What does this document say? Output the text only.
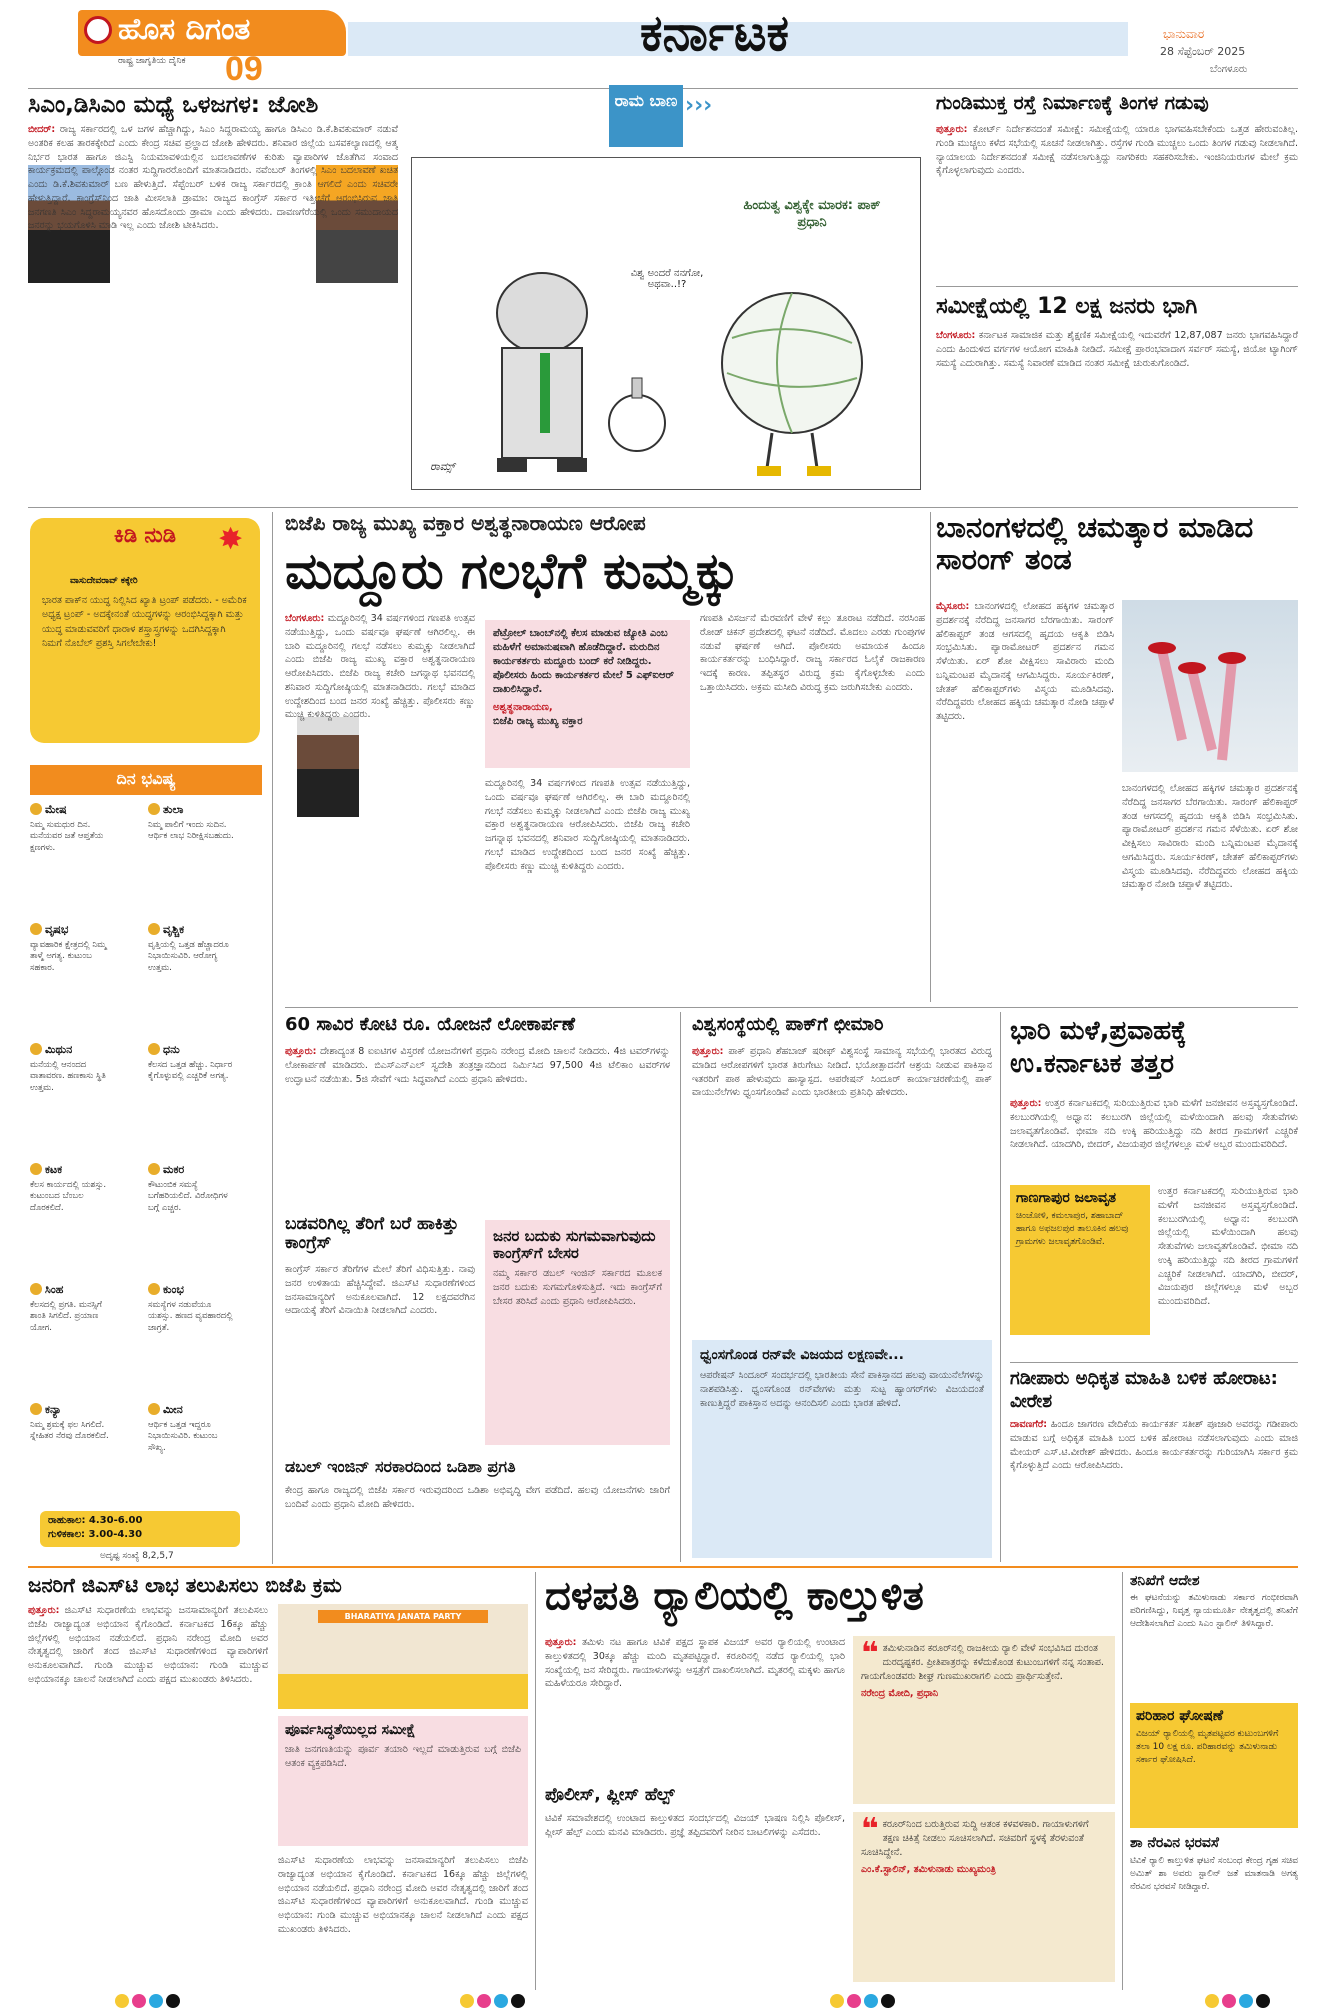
ಹೊಸ ದಿಗಂತ
ರಾಷ್ಟ್ರ ಜಾಗೃತಿಯ ದೈನಿಕ 09
ಕರ್ನಾಟಕ	ಭಾನುವಾರ
28 ಸೆಪ್ಟೆಂಬರ್ 2025
ಬೆಂಗಳೂರು
ಸಿಎಂ,ಡಿಸಿಎಂ ಮಧ್ಯೆ ಒಳಜಗಳ: ಜೋಶಿ
ಬೀದರ್: ರಾಜ್ಯ ಸರ್ಕಾರದಲ್ಲಿ ಒಳ ಜಗಳ ಹೆಚ್ಚಾಗಿದ್ದು, ಸಿಎಂ ಸಿದ್ದರಾಮಯ್ಯ ಹಾಗೂ ಡಿಸಿಎಂ ಡಿ.ಕೆ.ಶಿವಕುಮಾರ್ ನಡುವೆ ಅಂತರಿಕ ಕಲಹ ತಾರಕಕ್ಕೇರಿದೆ ಎಂದು ಕೇಂದ್ರ ಸಚಿವ ಪ್ರಲ್ಹಾದ ಜೋಶಿ ಹೇಳಿದರು. ಶನಿವಾರ ಜಿಲ್ಲೆಯ ಬಸವಕಲ್ಯಾಣದಲ್ಲಿ ಆತ್ಮ ನಿರ್ಭರ ಭಾರತ ಹಾಗೂ ಜಿಎಸ್ಟಿ ನಿಯಮಾವಳಿಯಲ್ಲಿನ ಬದಲಾವಣೆಗಳ ಕುರಿತು ವ್ಯಾಪಾರಿಗಳ ಜೊತೆಗಿನ ಸಂವಾದ ಕಾರ್ಯಕ್ರಮದಲ್ಲಿ ಪಾಲ್ಗೊಂಡ ನಂತರ ಸುದ್ದಿಗಾರರೊಂದಿಗೆ ಮಾತನಾಡಿದರು. ನವೆಂಬರ್ ತಿಂಗಳಲ್ಲಿ ಸಿಎಂ ಬದಲಾವಣೆ ಖಚಿತ ಎಂದು ಡಿ.ಕೆ.ಶಿವಕುಮಾರ್ ಬಣ ಹೇಳುತ್ತಿದೆ. ಸೆಪ್ಟೆಂಬರ್ ಬಳಿಕ ರಾಜ್ಯ ಸರ್ಕಾರದಲ್ಲಿ ಕ್ರಾಂತಿ ಆಗಲಿದೆ ಎಂದು ಸಚಿವರೇ ಹೇಳುತ್ತಿದ್ದಾರೆ. ಕಾಂಗ್ರೆಸ್‌ನಿಂದ ಜಾತಿ ಮೀಸಲಾತಿ ಡ್ರಾಮಾ: ರಾಜ್ಯದ ಕಾಂಗ್ರೆಸ್ ಸರ್ಕಾರ ಇತ್ತೀಚೆಗೆ ಆರಂಭಿಸಿರುವ ಜಾತಿ ಜನಗಣತಿ ಸಿಎಂ ಸಿದ್ದರಾಮಯ್ಯನವರ ಹೊಸದೊಂದು ಡ್ರಾಮಾ ಎಂದು ಹೇಳಿದರು. ದಾವಣಗೆರೆಯಲ್ಲಿ ಒಂದು ಸಮುದಾಯದ ಜನರನ್ನು ಭಯಗೊಳಿಸಿ ಮಾಡಿ ಇಲ್ಲ ಎಂದು ಜೋಶಿ ಟೀಕಿಸಿದರು.
ರಾಮ ಬಾಣ ›››
ಹಿಂದುತ್ವ ವಿಶ್ವಕ್ಕೇ ಮಾರಕ: ಪಾಕ್ ಪ್ರಧಾನಿ
ವಿಶ್ವ ಅಂದರೆ ನನಗೋ, ಅಥವಾ..!?
ರಾಮ್ಸ್
ಗುಂಡಿಮುಕ್ತ ರಸ್ತೆ ನಿರ್ಮಾಣಕ್ಕೆ ತಿಂಗಳ ಗಡುವು
ಪುತ್ತೂರು: ಕೋರ್ಟ್ ನಿರ್ದೇಶನದಂತೆ ಸಮೀಕ್ಷೆ: ಸಮೀಕ್ಷೆಯಲ್ಲಿ ಯಾರೂ ಭಾಗವಹಿಸಬೇಕೆಂದು ಒತ್ತಡ ಹೇರುವಂತಿಲ್ಲ. ಗುಂಡಿ ಮುಚ್ಚಲು ಕಳೆದ ಸಭೆಯಲ್ಲಿ ಸೂಚನೆ ನೀಡಲಾಗಿತ್ತು. ರಸ್ತೆಗಳ ಗುಂಡಿ ಮುಚ್ಚಲು ಒಂದು ತಿಂಗಳ ಗಡುವು ನೀಡಲಾಗಿದೆ. ನ್ಯಾಯಾಲಯ ನಿರ್ದೇಶನದಂತೆ ಸಮೀಕ್ಷೆ ನಡೆಸಲಾಗುತ್ತಿದ್ದು ನಾಗರಿಕರು ಸಹಕರಿಸಬೇಕು. ಇಂಜಿನಿಯರುಗಳ ಮೇಲೆ ಕ್ರಮ ಕೈಗೊಳ್ಳಲಾಗುವುದು ಎಂದರು.
ಸಮೀಕ್ಷೆಯಲ್ಲಿ 12 ಲಕ್ಷ ಜನರು ಭಾಗಿ
ಬೆಂಗಳೂರು: ಕರ್ನಾಟಕ ಸಾಮಾಜಿಕ ಮತ್ತು ಶೈಕ್ಷಣಿಕ ಸಮೀಕ್ಷೆಯಲ್ಲಿ ಇದುವರೆಗೆ 12,87,087 ಜನರು ಭಾಗವಹಿಸಿದ್ದಾರೆ ಎಂದು ಹಿಂದುಳಿದ ವರ್ಗಗಳ ಆಯೋಗ ಮಾಹಿತಿ ನೀಡಿದೆ. ಸಮೀಕ್ಷೆ ಪ್ರಾರಂಭವಾದಾಗ ಸರ್ವರ್ ಸಮಸ್ಯೆ, ಜಿಯೋ ಟ್ಯಾಗಿಂಗ್ ಸಮಸ್ಯೆ ಎದುರಾಗಿತ್ತು. ಸಮಸ್ಯೆ ನಿವಾರಣೆ ಮಾಡಿದ ನಂತರ ಸಮೀಕ್ಷೆ ಚುರುಕುಗೊಂಡಿದೆ.
ಕಿಡಿ ನುಡಿ ✸
ವಾಸುದೇವರಾವ್ ಕಕ್ಕೇರಿ
ಭಾರತ ಪಾಕ್‌ನ ಯುದ್ಧ ನಿಲ್ಲಿಸಿದ ಖ್ಯಾತಿ ಟ್ರಂಪ್ ಪಡೆದರು. - ಅಮೆರಿಕ ಅಧ್ಯಕ್ಷ ಟ್ರಂಪ್ - ಅದಕ್ಕೇನಂತೆ ಯುದ್ಧಗಳನ್ನು ಆರಂಭಿಸಿದ್ದಕ್ಕಾಗಿ ಮತ್ತು ಯುದ್ಧ ಮಾಡುವವರಿಗೆ ಧಾರಾಳ ಶಸ್ತ್ರಾಸ್ತ್ರಗಳನ್ನು ಒದಗಿಸಿದ್ದಕ್ಕಾಗಿ ನಿಮಗೆ ನೊಬೆಲ್ ಪ್ರಶಸ್ತಿ ಸಿಗಲೇಬೇಕು!
ದಿನ ಭವಿಷ್ಯ
ಮೇಷ
ನಿಮ್ಮ ಸುಮಧುರ ದಿನ. ಮನೆಯವರ ಜತೆ ಆಪ್ತತೆಯ ಕ್ಷಣಗಳು.
ತುಲಾ
ನಿಮ್ಮ ಪಾಲಿಗೆ ಇಂದು ಸುದಿನ. ಆರ್ಥಿಕ ಲಾಭ ನಿರೀಕ್ಷಿಸಬಹುದು.
ವೃಷಭ
ವ್ಯಾವಹಾರಿಕ ಕ್ಷೇತ್ರದಲ್ಲಿ ನಿಮ್ಮ ತಾಳ್ಮೆ ಅಗತ್ಯ. ಕುಟುಂಬ ಸಹಕಾರ.
ವೃಶ್ಚಿಕ
ವೃತ್ತಿಯಲ್ಲಿ ಒತ್ತಡ ಹೆಚ್ಚಾದರೂ ನಿಭಾಯಿಸುವಿರಿ. ಆರೋಗ್ಯ ಉತ್ತಮ.
ಮಿಥುನ
ಮನೆಯಲ್ಲಿ ಆನಂದದ ವಾತಾವರಣ. ಹಣಕಾಸು ಸ್ಥಿತಿ ಉತ್ತಮ.
ಧನು
ಕೆಲಸದ ಒತ್ತಡ ಹೆಚ್ಚು. ನಿರ್ಧಾರ ಕೈಗೊಳ್ಳುವಲ್ಲಿ ಎಚ್ಚರಿಕೆ ಅಗತ್ಯ.
ಕಟಕ
ಕೆಲಸ ಕಾರ್ಯದಲ್ಲಿ ಯಶಸ್ಸು. ಕುಟುಂಬದ ಬೆಂಬಲ ದೊರಕಲಿದೆ.
ಮಕರ
ಕೌಟುಂಬಿಕ ಸಮಸ್ಯೆ ಬಗೆಹರಿಯಲಿದೆ. ವಿರೋಧಿಗಳ ಬಗ್ಗೆ ಎಚ್ಚರ.
ಸಿಂಹ
ಕೆಲಸದಲ್ಲಿ ಪ್ರಗತಿ. ಮನಸ್ಸಿಗೆ ಶಾಂತಿ ಸಿಗಲಿದೆ. ಪ್ರಯಾಣ ಯೋಗ.
ಕುಂಭ
ಸಮಸ್ಯೆಗಳ ನಡುವೆಯೂ ಯಶಸ್ಸು. ಹಣದ ವ್ಯವಹಾರದಲ್ಲಿ ಜಾಗ್ರತೆ.
ಕನ್ಯಾ
ನಿಮ್ಮ ಶ್ರಮಕ್ಕೆ ಫಲ ಸಿಗಲಿದೆ. ಸ್ನೇಹಿತರ ನೆರವು ದೊರಕಲಿದೆ.
ಮೀನ
ಆರ್ಥಿಕ ಒತ್ತಡ ಇದ್ದರೂ ನಿಭಾಯಿಸುವಿರಿ. ಕುಟುಂಬ ಸೌಖ್ಯ.
ರಾಹುಕಾಲ: 4.30-6.00
ಗುಳಿಕಕಾಲ: 3.00-4.30
ಅದೃಷ್ಟ ಸಂಖ್ಯೆ 8,2,5,7
ಬಿಜೆಪಿ ರಾಜ್ಯ ಮುಖ್ಯ ವಕ್ತಾರ ಅಶ್ವತ್ಥನಾರಾಯಣ ಆರೋಪ
ಮದ್ದೂರು ಗಲಭೆಗೆ ಕುಮ್ಮಕ್ಕು
ಬೆಂಗಳೂರು: ಮದ್ದೂರಿನಲ್ಲಿ 34 ವರ್ಷಗಳಿಂದ ಗಣಪತಿ ಉತ್ಸವ ನಡೆಯುತ್ತಿದ್ದು, ಒಂದು ವರ್ಷವೂ ಘರ್ಷಣೆ ಆಗಿರಲಿಲ್ಲ. ಈ ಬಾರಿ ಮದ್ದೂರಿನಲ್ಲಿ ಗಲಭೆ ನಡೆಸಲು ಕುಮ್ಮಕ್ಕು ನೀಡಲಾಗಿದೆ ಎಂದು ಬಿಜೆಪಿ ರಾಜ್ಯ ಮುಖ್ಯ ವಕ್ತಾರ ಅಶ್ವತ್ಥನಾರಾಯಣ ಆರೋಪಿಸಿದರು. ಬಿಜೆಪಿ ರಾಜ್ಯ ಕಚೇರಿ ಜಗನ್ನಾಥ ಭವನದಲ್ಲಿ ಶನಿವಾರ ಸುದ್ದಿಗೋಷ್ಠಿಯಲ್ಲಿ ಮಾತನಾಡಿದರು. ಗಲಭೆ ಮಾಡಿದ ಉದ್ದೇಶದಿಂದ ಬಂದ ಜನರ ಸಂಖ್ಯೆ ಹೆಚ್ಚಿತ್ತು. ಪೊಲೀಸರು ಕಣ್ಣು ಮುಚ್ಚಿ ಕುಳಿತಿದ್ದರು ಎಂದರು.
ಪೆಟ್ರೋಲ್ ಬಾಂಬ್‌ನಲ್ಲಿ ಕೆಲಸ ಮಾಡುವ ಜ್ಯೋತಿ ಎಂಬ ಮಹಿಳೆಗೆ ಅಮಾನುಷವಾಗಿ ಹೊಡೆದಿದ್ದಾರೆ. ಮರುದಿನ ಕಾರ್ಯಕರ್ತರು ಮದ್ದೂರು ಬಂದ್ ಕರೆ ನೀಡಿದ್ದರು. ಪೊಲೀಸರು ಹಿಂದು ಕಾರ್ಯಕರ್ತರ ಮೇಲೆ 5 ಎಫ್‌ಐಆರ್ ದಾಖಲಿಸಿದ್ದಾರೆ.
ಅಶ್ವತ್ಥನಾರಾಯಣ,
ಬಿಜೆಪಿ ರಾಜ್ಯ ಮುಖ್ಯ ವಕ್ತಾರ
ಮದ್ದೂರಿನಲ್ಲಿ 34 ವರ್ಷಗಳಿಂದ ಗಣಪತಿ ಉತ್ಸವ ನಡೆಯುತ್ತಿದ್ದು, ಒಂದು ವರ್ಷವೂ ಘರ್ಷಣೆ ಆಗಿರಲಿಲ್ಲ. ಈ ಬಾರಿ ಮದ್ದೂರಿನಲ್ಲಿ ಗಲಭೆ ನಡೆಸಲು ಕುಮ್ಮಕ್ಕು ನೀಡಲಾಗಿದೆ ಎಂದು ಬಿಜೆಪಿ ರಾಜ್ಯ ಮುಖ್ಯ ವಕ್ತಾರ ಅಶ್ವತ್ಥನಾರಾಯಣ ಆರೋಪಿಸಿದರು. ಬಿಜೆಪಿ ರಾಜ್ಯ ಕಚೇರಿ ಜಗನ್ನಾಥ ಭವನದಲ್ಲಿ ಶನಿವಾರ ಸುದ್ದಿಗೋಷ್ಠಿಯಲ್ಲಿ ಮಾತನಾಡಿದರು. ಗಲಭೆ ಮಾಡಿದ ಉದ್ದೇಶದಿಂದ ಬಂದ ಜನರ ಸಂಖ್ಯೆ ಹೆಚ್ಚಿತ್ತು. ಪೊಲೀಸರು ಕಣ್ಣು ಮುಚ್ಚಿ ಕುಳಿತಿದ್ದರು ಎಂದರು.
ಗಣಪತಿ ವಿಸರ್ಜನೆ ಮೆರವಣಿಗೆ ವೇಳೆ ಕಲ್ಲು ತೂರಾಟ ನಡೆದಿದೆ. ನರಸಿಂಹ ರೋಡ್ ಚಿಕನ್ ಪ್ರದೇಶದಲ್ಲಿ ಘಟನೆ ನಡೆದಿದೆ. ಮೊದಲು ಎರಡು ಗುಂಪುಗಳ ನಡುವೆ ಘರ್ಷಣೆ ಆಗಿದೆ. ಪೊಲೀಸರು ಅಮಾಯಕ ಹಿಂದೂ ಕಾರ್ಯಕರ್ತರನ್ನು ಬಂಧಿಸಿದ್ದಾರೆ. ರಾಜ್ಯ ಸರ್ಕಾರದ ಓಲೈಕೆ ರಾಜಕಾರಣ ಇದಕ್ಕೆ ಕಾರಣ. ತಪ್ಪಿತಸ್ಥರ ವಿರುದ್ಧ ಕ್ರಮ ಕೈಗೊಳ್ಳಬೇಕು ಎಂದು ಒತ್ತಾಯಿಸಿದರು. ಅಕ್ರಮ ಮಸೀದಿ ವಿರುದ್ಧ ಕ್ರಮ ಜರುಗಿಸಬೇಕು ಎಂದರು.
ಬಾನಂಗಳದಲ್ಲಿ ಚಮತ್ಕಾರ ಮಾಡಿದ ಸಾರಂಗ್ ತಂಡ
ಮೈಸೂರು: ಬಾನಂಗಳದಲ್ಲಿ ಲೋಹದ ಹಕ್ಕಿಗಳ ಚಮತ್ಕಾರ ಪ್ರದರ್ಶನಕ್ಕೆ ನೆರೆದಿದ್ದ ಜನಸಾಗರ ಬೆರಗಾಯಿತು. ಸಾರಂಗ್ ಹೆಲಿಕಾಪ್ಟರ್ ತಂಡ ಆಗಸದಲ್ಲಿ ಹೃದಯ ಆಕೃತಿ ಬಿಡಿಸಿ ಸಂಭ್ರಮಿಸಿತು. ಪ್ಯಾರಾಮೋಟರ್ ಪ್ರದರ್ಶನ ಗಮನ ಸೆಳೆಯಿತು. ಏರ್ ಶೋ ವೀಕ್ಷಿಸಲು ಸಾವಿರಾರು ಮಂದಿ ಬನ್ನಿಮಂಟಪ ಮೈದಾನಕ್ಕೆ ಆಗಮಿಸಿದ್ದರು. ಸೂರ್ಯಕಿರಣ್, ಚೇತಕ್ ಹೆಲಿಕಾಪ್ಟರ್‌ಗಳು ವಿಸ್ಮಯ ಮೂಡಿಸಿದವು. ನೆರೆದಿದ್ದವರು ಲೋಹದ ಹಕ್ಕಿಯ ಚಮತ್ಕಾರ ನೋಡಿ ಚಪ್ಪಾಳೆ ತಟ್ಟಿದರು.
ಬಾನಂಗಳದಲ್ಲಿ ಲೋಹದ ಹಕ್ಕಿಗಳ ಚಮತ್ಕಾರ ಪ್ರದರ್ಶನಕ್ಕೆ ನೆರೆದಿದ್ದ ಜನಸಾಗರ ಬೆರಗಾಯಿತು. ಸಾರಂಗ್ ಹೆಲಿಕಾಪ್ಟರ್ ತಂಡ ಆಗಸದಲ್ಲಿ ಹೃದಯ ಆಕೃತಿ ಬಿಡಿಸಿ ಸಂಭ್ರಮಿಸಿತು. ಪ್ಯಾರಾಮೋಟರ್ ಪ್ರದರ್ಶನ ಗಮನ ಸೆಳೆಯಿತು. ಏರ್ ಶೋ ವೀಕ್ಷಿಸಲು ಸಾವಿರಾರು ಮಂದಿ ಬನ್ನಿಮಂಟಪ ಮೈದಾನಕ್ಕೆ ಆಗಮಿಸಿದ್ದರು. ಸೂರ್ಯಕಿರಣ್, ಚೇತಕ್ ಹೆಲಿಕಾಪ್ಟರ್‌ಗಳು ವಿಸ್ಮಯ ಮೂಡಿಸಿದವು. ನೆರೆದಿದ್ದವರು ಲೋಹದ ಹಕ್ಕಿಯ ಚಮತ್ಕಾರ ನೋಡಿ ಚಪ್ಪಾಳೆ ತಟ್ಟಿದರು.
60 ಸಾವಿರ ಕೋಟಿ ರೂ. ಯೋಜನೆ ಲೋಕಾರ್ಪಣೆ
ಪುತ್ತೂರು: ದೇಶಾದ್ಯಂತ 8 ಐಐಟಿಗಳ ವಿಸ್ತರಣೆ ಯೋಜನೆಗಳಿಗೆ ಪ್ರಧಾನಿ ನರೇಂದ್ರ ಮೋದಿ ಚಾಲನೆ ನೀಡಿದರು. 4ಜಿ ಟವರ್‌ಗಳನ್ನು ಲೋಕಾರ್ಪಣೆ ಮಾಡಿದರು. ಬಿಎಸ್‌ಎನ್‌ಎಲ್ ಸ್ವದೇಶಿ ತಂತ್ರಜ್ಞಾನದಿಂದ ನಿರ್ಮಿಸಿದ 97,500 4ಜಿ ಟೆಲಿಕಾಂ ಟವರ್‌ಗಳ ಉದ್ಘಾಟನೆ ನಡೆಯಿತು. 5ಜಿ ಸೇವೆಗೆ ಇದು ಸಿದ್ಧವಾಗಿದೆ ಎಂದು ಪ್ರಧಾನಿ ಹೇಳಿದರು.
ಬಡವರಿಗಿಲ್ಲ ತೆರಿಗೆ ಬರೆ ಹಾಕಿತ್ತು ಕಾಂಗ್ರೆಸ್
ಕಾಂಗ್ರೆಸ್ ಸರ್ಕಾರ ತೆರಿಗೆಗಳ ಮೇಲೆ ತೆರಿಗೆ ವಿಧಿಸುತ್ತಿತ್ತು. ನಾವು ಜನರ ಉಳಿತಾಯ ಹೆಚ್ಚಿಸಿದ್ದೇವೆ. ಜಿಎಸ್‌ಟಿ ಸುಧಾರಣೆಗಳಿಂದ ಜನಸಾಮಾನ್ಯರಿಗೆ ಅನುಕೂಲವಾಗಿದೆ. 12 ಲಕ್ಷದವರೆಗಿನ ಆದಾಯಕ್ಕೆ ತೆರಿಗೆ ವಿನಾಯಿತಿ ನೀಡಲಾಗಿದೆ ಎಂದರು.
ಜನರ ಬದುಕು ಸುಗಮವಾಗುವುದು ಕಾಂಗ್ರೆಸ್‌ಗೆ ಬೇಸರ
ನಮ್ಮ ಸರ್ಕಾರ ಡಬಲ್ ಇಂಜಿನ್ ಸರ್ಕಾರದ ಮೂಲಕ ಜನರ ಬದುಕು ಸುಗಮಗೊಳಿಸುತ್ತಿದೆ. ಇದು ಕಾಂಗ್ರೆಸ್‌ಗೆ ಬೇಸರ ತರಿಸಿದೆ ಎಂದು ಪ್ರಧಾನಿ ಆರೋಪಿಸಿದರು.
ಡಬಲ್ ಇಂಜಿನ್ ಸರಕಾರದಿಂದ ಒಡಿಶಾ ಪ್ರಗತಿ
ಕೇಂದ್ರ ಹಾಗೂ ರಾಜ್ಯದಲ್ಲಿ ಬಿಜೆಪಿ ಸರ್ಕಾರ ಇರುವುದರಿಂದ ಒಡಿಶಾ ಅಭಿವೃದ್ಧಿ ವೇಗ ಪಡೆದಿದೆ. ಹಲವು ಯೋಜನೆಗಳು ಜಾರಿಗೆ ಬಂದಿವೆ ಎಂದು ಪ್ರಧಾನಿ ಮೋದಿ ಹೇಳಿದರು.
ವಿಶ್ವಸಂಸ್ಥೆಯಲ್ಲಿ ಪಾಕ್‌ಗೆ ಛೀಮಾರಿ
ಪುತ್ತೂರು: ಪಾಕ್ ಪ್ರಧಾನಿ ಶೆಹಬಾಜ್ ಷರೀಫ್ ವಿಶ್ವಸಂಸ್ಥೆ ಸಾಮಾನ್ಯ ಸಭೆಯಲ್ಲಿ ಭಾರತದ ವಿರುದ್ಧ ಮಾಡಿದ ಆರೋಪಗಳಿಗೆ ಭಾರತ ತಿರುಗೇಟು ನೀಡಿದೆ. ಭಯೋತ್ಪಾದನೆಗೆ ಆಶ್ರಯ ನೀಡುವ ಪಾಕಿಸ್ತಾನ ಇತರರಿಗೆ ಪಾಠ ಹೇಳುವುದು ಹಾಸ್ಯಾಸ್ಪದ. ಆಪರೇಷನ್ ಸಿಂದೂರ್ ಕಾರ್ಯಾಚರಣೆಯಲ್ಲಿ ಪಾಕ್ ವಾಯುನೆಲೆಗಳು ಧ್ವಂಸಗೊಂಡಿವೆ ಎಂದು ಭಾರತೀಯ ಪ್ರತಿನಿಧಿ ಹೇಳಿದರು.
ಧ್ವಂಸಗೊಂಡ ರನ್‌ವೇ ವಿಜಯದ ಲಕ್ಷಣವೇ...
ಆಪರೇಷನ್ ಸಿಂದೂರ್ ಸಂದರ್ಭದಲ್ಲಿ ಭಾರತೀಯ ಸೇನೆ ಪಾಕಿಸ್ತಾನದ ಹಲವು ವಾಯುನೆಲೆಗಳನ್ನು ನಾಶಪಡಿಸಿತ್ತು. ಧ್ವಂಸಗೊಂಡ ರನ್‌ವೇಗಳು ಮತ್ತು ಸುಟ್ಟ ಹ್ಯಾಂಗರ್‌ಗಳು ವಿಜಯದಂತೆ ಕಾಣುತ್ತಿದ್ದರೆ ಪಾಕಿಸ್ತಾನ ಅದನ್ನು ಆನಂದಿಸಲಿ ಎಂದು ಭಾರತ ಹೇಳಿದೆ.
ಭಾರಿ ಮಳೆ,ಪ್ರವಾಹಕ್ಕೆ ಉ.ಕರ್ನಾಟಕ ತತ್ತರ
ಪುತ್ತೂರು: ಉತ್ತರ ಕರ್ನಾಟಕದಲ್ಲಿ ಸುರಿಯುತ್ತಿರುವ ಭಾರಿ ಮಳೆಗೆ ಜನಜೀವನ ಅಸ್ತವ್ಯಸ್ತಗೊಂಡಿದೆ. ಕಲಬುರಗಿಯಲ್ಲಿ ಅಧ್ವಾನ: ಕಲಬುರಗಿ ಜಿಲ್ಲೆಯಲ್ಲಿ ಮಳೆಯಿಂದಾಗಿ ಹಲವು ಸೇತುವೆಗಳು ಜಲಾವೃತಗೊಂಡಿವೆ. ಭೀಮಾ ನದಿ ಉಕ್ಕಿ ಹರಿಯುತ್ತಿದ್ದು ನದಿ ತೀರದ ಗ್ರಾಮಗಳಿಗೆ ಎಚ್ಚರಿಕೆ ನೀಡಲಾಗಿದೆ. ಯಾದಗಿರಿ, ಬೀದರ್, ವಿಜಯಪುರ ಜಿಲ್ಲೆಗಳಲ್ಲೂ ಮಳೆ ಅಬ್ಬರ ಮುಂದುವರಿದಿದೆ.
ಗಾಣಗಾಪುರ ಜಲಾವೃತ
ಚಿಂಚೋಳಿ, ಕಮಲಾಪುರ, ಶಹಾಬಾದ್ ಹಾಗೂ ಅಫಜಲಪುರ ತಾಲೂಕಿನ ಹಲವು ಗ್ರಾಮಗಳು ಜಲಾವೃತಗೊಂಡಿವೆ.
ಉತ್ತರ ಕರ್ನಾಟಕದಲ್ಲಿ ಸುರಿಯುತ್ತಿರುವ ಭಾರಿ ಮಳೆಗೆ ಜನಜೀವನ ಅಸ್ತವ್ಯಸ್ತಗೊಂಡಿದೆ. ಕಲಬುರಗಿಯಲ್ಲಿ ಅಧ್ವಾನ: ಕಲಬುರಗಿ ಜಿಲ್ಲೆಯಲ್ಲಿ ಮಳೆಯಿಂದಾಗಿ ಹಲವು ಸೇತುವೆಗಳು ಜಲಾವೃತಗೊಂಡಿವೆ. ಭೀಮಾ ನದಿ ಉಕ್ಕಿ ಹರಿಯುತ್ತಿದ್ದು ನದಿ ತೀರದ ಗ್ರಾಮಗಳಿಗೆ ಎಚ್ಚರಿಕೆ ನೀಡಲಾಗಿದೆ. ಯಾದಗಿರಿ, ಬೀದರ್, ವಿಜಯಪುರ ಜಿಲ್ಲೆಗಳಲ್ಲೂ ಮಳೆ ಅಬ್ಬರ ಮುಂದುವರಿದಿದೆ.
ಗಡೀಪಾರು ಅಧಿಕೃತ ಮಾಹಿತಿ ಬಳಿಕ ಹೋರಾಟ: ವೀರೇಶ
ದಾವಣಗೆರೆ: ಹಿಂದೂ ಜಾಗರಣ ವೇದಿಕೆಯ ಕಾರ್ಯಕರ್ತ ಸತೀಶ್ ಪೂಜಾರಿ ಅವರನ್ನು ಗಡೀಪಾರು ಮಾಡುವ ಬಗ್ಗೆ ಅಧಿಕೃತ ಮಾಹಿತಿ ಬಂದ ಬಳಿಕ ಹೋರಾಟ ನಡೆಸಲಾಗುವುದು ಎಂದು ಮಾಜಿ ಮೇಯರ್ ಎಸ್.ಟಿ.ವೀರೇಶ್ ಹೇಳಿದರು. ಹಿಂದೂ ಕಾರ್ಯಕರ್ತರನ್ನು ಗುರಿಯಾಗಿಸಿ ಸರ್ಕಾರ ಕ್ರಮ ಕೈಗೊಳ್ಳುತ್ತಿದೆ ಎಂದು ಆರೋಪಿಸಿದರು.
ಜನರಿಗೆ ಜಿಎಸ್‌ಟಿ ಲಾಭ ತಲುಪಿಸಲು ಬಿಜೆಪಿ ಕ್ರಮ
ಪುತ್ತೂರು: ಜಿಎಸ್‌ಟಿ ಸುಧಾರಣೆಯ ಲಾಭವನ್ನು ಜನಸಾಮಾನ್ಯರಿಗೆ ತಲುಪಿಸಲು ಬಿಜೆಪಿ ರಾಜ್ಯಾದ್ಯಂತ ಅಭಿಯಾನ ಕೈಗೊಂಡಿದೆ. ಕರ್ನಾಟಕದ 16ಕ್ಕೂ ಹೆಚ್ಚು ಜಿಲ್ಲೆಗಳಲ್ಲಿ ಅಭಿಯಾನ ನಡೆಯಲಿದೆ. ಪ್ರಧಾನಿ ನರೇಂದ್ರ ಮೋದಿ ಅವರ ನೇತೃತ್ವದಲ್ಲಿ ಜಾರಿಗೆ ತಂದ ಜಿಎಸ್‌ಟಿ ಸುಧಾರಣೆಗಳಿಂದ ವ್ಯಾಪಾರಿಗಳಿಗೆ ಅನುಕೂಲವಾಗಿದೆ. ಗುಂಡಿ ಮುಚ್ಚುವ ಅಭಿಯಾನ: ಗುಂಡಿ ಮುಚ್ಚುವ ಅಭಿಯಾನಕ್ಕೂ ಚಾಲನೆ ನೀಡಲಾಗಿದೆ ಎಂದು ಪಕ್ಷದ ಮುಖಂಡರು ತಿಳಿಸಿದರು.
BHARATIYA JANATA PARTY
ಪೂರ್ವಸಿದ್ಧತೆಯಿಲ್ಲದ ಸಮೀಕ್ಷೆ
ಜಾತಿ ಜನಗಣತಿಯನ್ನು ಪೂರ್ವ ತಯಾರಿ ಇಲ್ಲದೆ ಮಾಡುತ್ತಿರುವ ಬಗ್ಗೆ ಬಿಜೆಪಿ ಆತಂಕ ವ್ಯಕ್ತಪಡಿಸಿದೆ.
ಜಿಎಸ್‌ಟಿ ಸುಧಾರಣೆಯ ಲಾಭವನ್ನು ಜನಸಾಮಾನ್ಯರಿಗೆ ತಲುಪಿಸಲು ಬಿಜೆಪಿ ರಾಜ್ಯಾದ್ಯಂತ ಅಭಿಯಾನ ಕೈಗೊಂಡಿದೆ. ಕರ್ನಾಟಕದ 16ಕ್ಕೂ ಹೆಚ್ಚು ಜಿಲ್ಲೆಗಳಲ್ಲಿ ಅಭಿಯಾನ ನಡೆಯಲಿದೆ. ಪ್ರಧಾನಿ ನರೇಂದ್ರ ಮೋದಿ ಅವರ ನೇತೃತ್ವದಲ್ಲಿ ಜಾರಿಗೆ ತಂದ ಜಿಎಸ್‌ಟಿ ಸುಧಾರಣೆಗಳಿಂದ ವ್ಯಾಪಾರಿಗಳಿಗೆ ಅನುಕೂಲವಾಗಿದೆ. ಗುಂಡಿ ಮುಚ್ಚುವ ಅಭಿಯಾನ: ಗುಂಡಿ ಮುಚ್ಚುವ ಅಭಿಯಾನಕ್ಕೂ ಚಾಲನೆ ನೀಡಲಾಗಿದೆ ಎಂದು ಪಕ್ಷದ ಮುಖಂಡರು ತಿಳಿಸಿದರು.
ದಳಪತಿ ರ‍್ಯಾಲಿಯಲ್ಲಿ ಕಾಲ್ತುಳಿತ
ಪುತ್ತೂರು: ತಮಿಳು ನಟ ಹಾಗೂ ಟಿವಿಕೆ ಪಕ್ಷದ ಸ್ಥಾಪಕ ವಿಜಯ್ ಅವರ ರ‍್ಯಾಲಿಯಲ್ಲಿ ಉಂಟಾದ ಕಾಲ್ತುಳಿತದಲ್ಲಿ 30ಕ್ಕೂ ಹೆಚ್ಚು ಮಂದಿ ಮೃತಪಟ್ಟಿದ್ದಾರೆ. ಕರೂರಿನಲ್ಲಿ ನಡೆದ ರ‍್ಯಾಲಿಯಲ್ಲಿ ಭಾರಿ ಸಂಖ್ಯೆಯಲ್ಲಿ ಜನ ಸೇರಿದ್ದರು. ಗಾಯಾಳುಗಳನ್ನು ಆಸ್ಪತ್ರೆಗೆ ದಾಖಲಿಸಲಾಗಿದೆ. ಮೃತರಲ್ಲಿ ಮಕ್ಕಳು ಹಾಗೂ ಮಹಿಳೆಯರೂ ಸೇರಿದ್ದಾರೆ.
ಪೊಲೀಸ್, ಪ್ಲೀಸ್ ಹೆಲ್ಪ್
ಟಿವಿಕೆ ಸಮಾವೇಶದಲ್ಲಿ ಉಂಟಾದ ಕಾಲ್ತುಳಿತದ ಸಂದರ್ಭದಲ್ಲಿ ವಿಜಯ್ ಭಾಷಣ ನಿಲ್ಲಿಸಿ ಪೊಲೀಸ್, ಪ್ಲೀಸ್ ಹೆಲ್ಪ್ ಎಂದು ಮನವಿ ಮಾಡಿದರು. ಪ್ರಜ್ಞೆ ತಪ್ಪಿದವರಿಗೆ ನೀರಿನ ಬಾಟಲಿಗಳನ್ನು ಎಸೆದರು.
❝ ತಮಿಳುನಾಡಿನ ಕರೂರ್‌ನಲ್ಲಿ ರಾಜಕೀಯ ರ‍್ಯಾಲಿ ವೇಳೆ ಸಂಭವಿಸಿದ ದುರಂತ ದುರದೃಷ್ಟಕರ. ಪ್ರೀತಿಪಾತ್ರರನ್ನು ಕಳೆದುಕೊಂಡ ಕುಟುಂಬಗಳಿಗೆ ನನ್ನ ಸಂತಾಪ. ಗಾಯಗೊಂಡವರು ಶೀಘ್ರ ಗುಣಮುಖರಾಗಲಿ ಎಂದು ಪ್ರಾರ್ಥಿಸುತ್ತೇನೆ.
ನರೇಂದ್ರ ಮೋದಿ, ಪ್ರಧಾನಿ
❝ ಕರೂರ್‌ನಿಂದ ಬರುತ್ತಿರುವ ಸುದ್ದಿ ಆತಂಕ ಕಳವಳಕಾರಿ. ಗಾಯಾಳುಗಳಿಗೆ ತಕ್ಷಣ ಚಿಕಿತ್ಸೆ ನೀಡಲು ಸೂಚಿಸಲಾಗಿದೆ. ಸಚಿವರಿಗೆ ಸ್ಥಳಕ್ಕೆ ತೆರಳುವಂತೆ ಸೂಚಿಸಿದ್ದೇನೆ.
ಎಂ.ಕೆ.ಸ್ಟಾಲಿನ್, ತಮಿಳುನಾಡು ಮುಖ್ಯಮಂತ್ರಿ
ತನಿಖೆಗೆ ಆದೇಶ
ಈ ಘಟನೆಯನ್ನು ತಮಿಳುನಾಡು ಸರ್ಕಾರ ಗಂಭೀರವಾಗಿ ಪರಿಗಣಿಸಿದ್ದು, ನಿವೃತ್ತ ನ್ಯಾಯಮೂರ್ತಿ ನೇತೃತ್ವದಲ್ಲಿ ತನಿಖೆಗೆ ಆದೇಶಿಸಲಾಗಿದೆ ಎಂದು ಸಿಎಂ ಸ್ಟಾಲಿನ್ ತಿಳಿಸಿದ್ದಾರೆ.
ಪರಿಹಾರ ಘೋಷಣೆ
ವಿಜಯ್ ರ‍್ಯಾಲಿಯಲ್ಲಿ ಮೃತಪಟ್ಟವರ ಕುಟುಂಬಗಳಿಗೆ ತಲಾ 10 ಲಕ್ಷ ರೂ. ಪರಿಹಾರವನ್ನು ತಮಿಳುನಾಡು ಸರ್ಕಾರ ಘೋಷಿಸಿದೆ.
ಶಾ ನೆರವಿನ ಭರವಸೆ
ಟಿವಿಕೆ ರ‍್ಯಾಲಿ ಕಾಲ್ತುಳಿತ ಘಟನೆ ಸಂಬಂಧ ಕೇಂದ್ರ ಗೃಹ ಸಚಿವ ಅಮಿತ್ ಶಾ ಅವರು ಸ್ಟಾಲಿನ್ ಜತೆ ಮಾತನಾಡಿ ಅಗತ್ಯ ನೆರವಿನ ಭರವಸೆ ನೀಡಿದ್ದಾರೆ.
